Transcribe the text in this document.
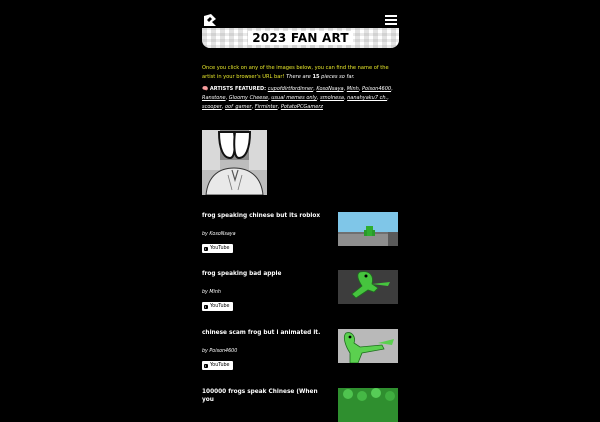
2023 FAN ART
Once you click on any of the images below, you can find the name of the artist in your browser's URL bar! There are 15 pieces so far.
🧠 ARTISTS FEATURED: cupofdirtfordinner, KosoNsaya, Minh, Poison4600, Ranstone, Gloomy Cheese, usual memes only, smolnesa, nanahyaku7 ch., scooper, oof_gamer, Firminter, PotatoPCGamerz
frog speaking chinese but its roblox
by KosoNsaya
YouTube
frog speaking bad apple
by Minh
YouTube
chinese scam frog but i animated it.
by Poison4600
YouTube
100000 frogs speak Chinese (When you
